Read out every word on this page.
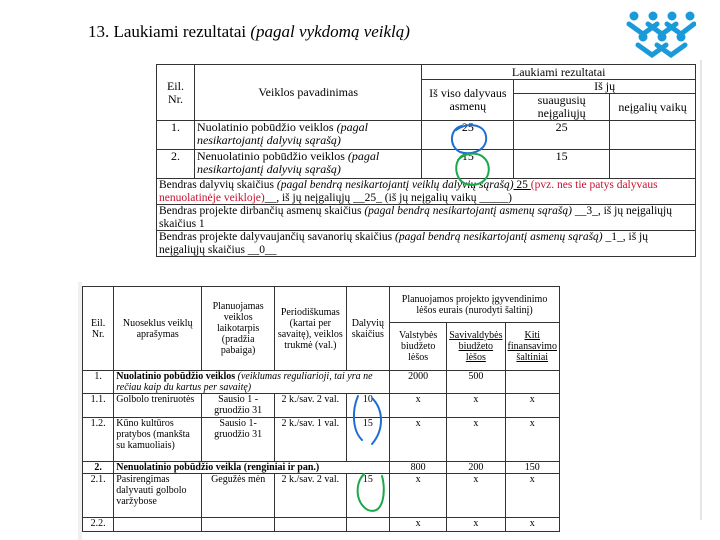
13. Laukiami rezultatai (pagal vykdomą veiklą)
Eil. Nr.	Veiklos pavadinimas	Laukiami rezultatai		
		Iš viso dalyvaus asmenų	Iš jų	
			suaugusių neįgaliųjų	neįgalių vaikų
1.	Nuolatinio pobūdžio veiklos (pagal nesikartojantį dalyvių sąrašą)	25	25	
2.	Nenuolatinio pobūdžio veiklos (pagal nesikartojantį dalyvių sąrašą)	15	15	
Bendras dalyvių skaičius (pagal bendrą nesikartojantį veiklų dalyvių sąrašą) 25 (pvz. nes tie patys dalyvaus nenuolatinėje veikloje)__, iš jų neįgaliųjų __25_ (iš jų neįgalių vaikų _____)				
Bendras projekte dirbančių asmenų skaičius (pagal bendrą nesikartojantį asmenų sąrašą) __3_, iš jų neįgaliųjų skaičius 1				
Bendras projekte dalyvaujančių savanorių skaičius (pagal bendrą nesikartojantį asmenų sąrašą) _1_, iš jų neįgaliųjų skaičius __0__				
Eil. Nr.	Nuoseklus veiklų aprašymas	Planuojamas veiklos laikotarpis (pradžia pabaiga)	Periodiškumas (kartai per savaitę), veiklos trukmė (val.)	Dalyvių skaičius	Planuojamos projekto įgyvendinimo lėšos eurais (nurodyti šaltinį)		
					Valstybės biudžeto lėšos	Savivaldybės biudžeto lėšos	Kiti finansavimo šaltiniai
1.	Nuolatinio pobūdžio veiklos (veiklumas reguliarioji, tai yra ne rečiau kaip du kartus per savaitę)				2000	500	
1.1.	Golbolo treniruotės	Sausio 1 - gruodžio 31	2 k./sav. 2 val.	10	x	x	x
1.2.	Kūno kultūros pratybos (mankšta su kamuoliais)	Sausio 1-gruodžio 31	2 k./sav. 1 val.	15	x	x	x
2.	Nenuolatinio pobūdžio veikla (renginiai ir pan.)				800	200	150
2.1.	Pasirengimas dalyvauti golbolo varžybose	Gegužės mėn	2 k./sav. 2 val.	15	x	x	x
2.2.					x	x	x
